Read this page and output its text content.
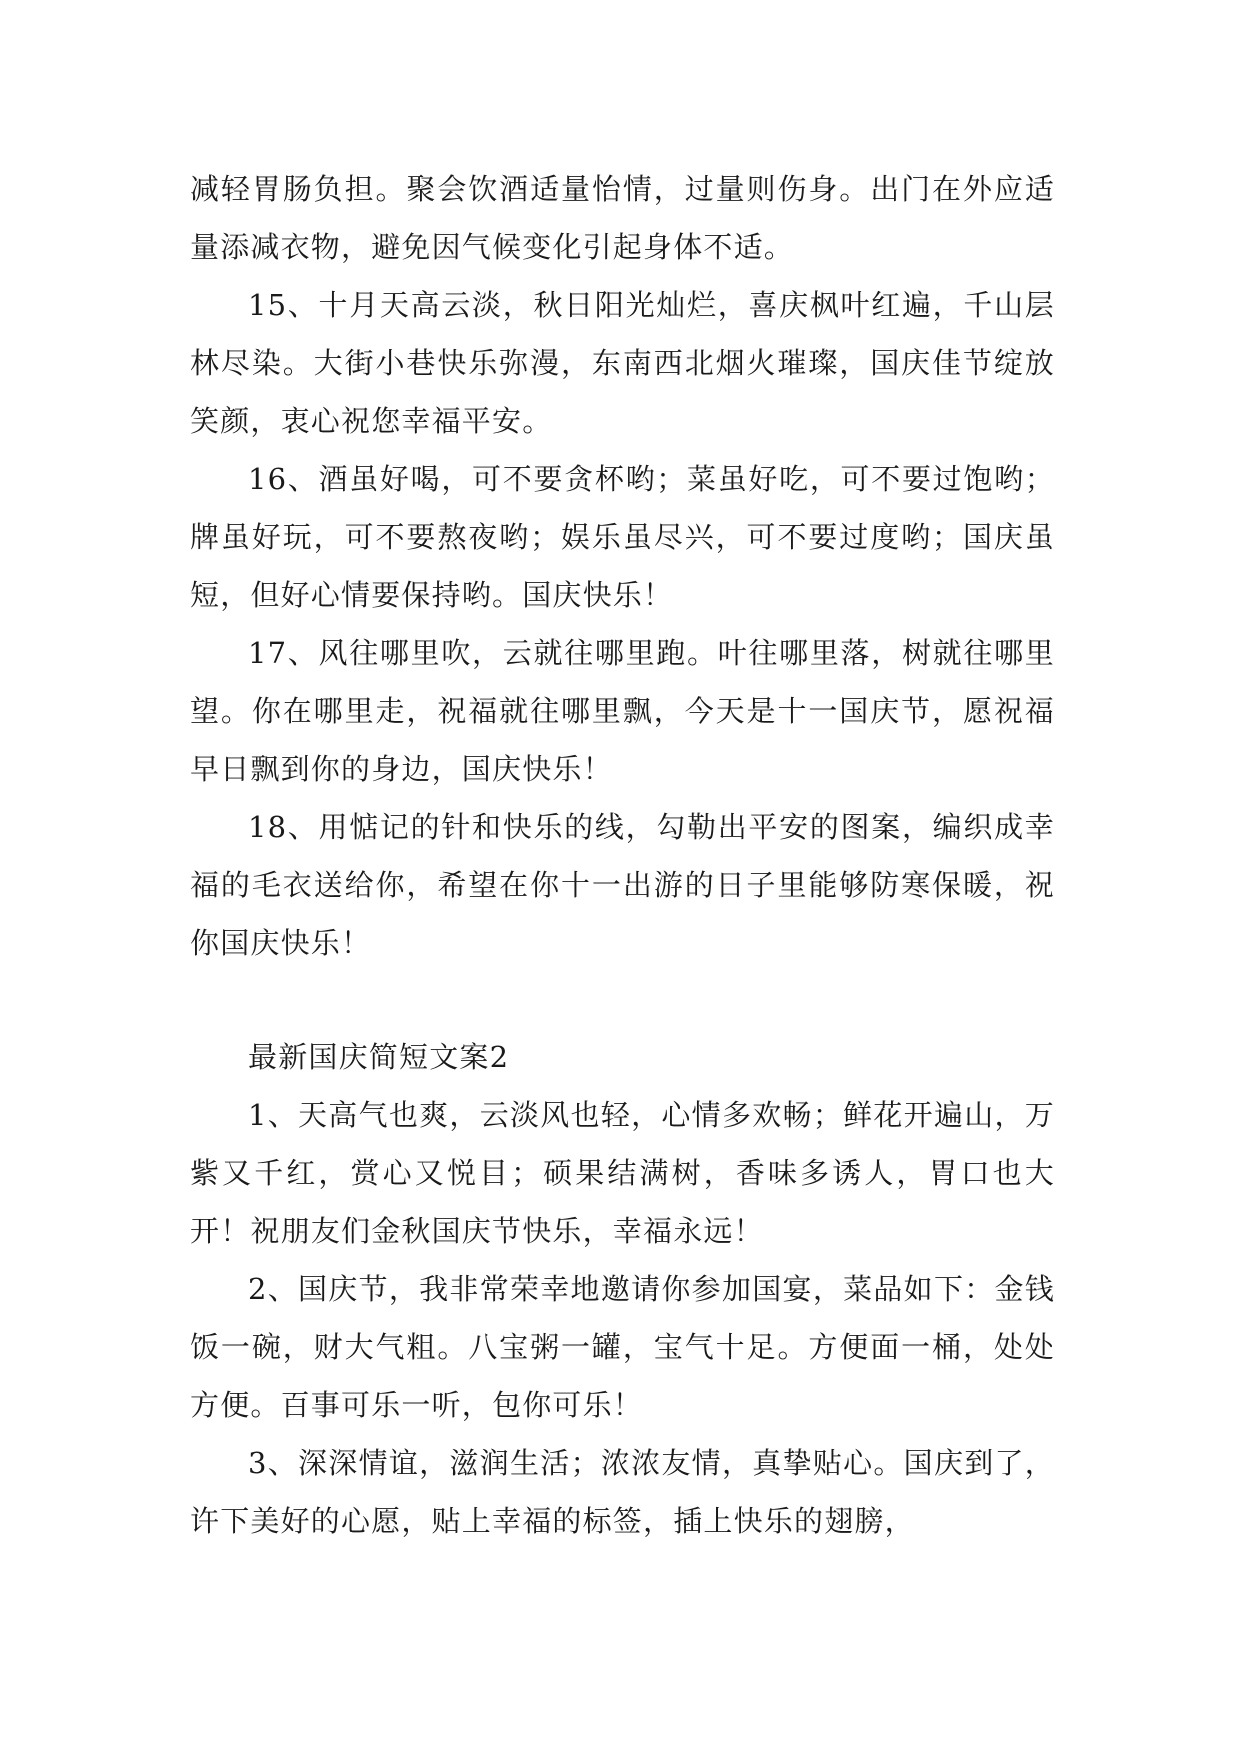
减轻胃肠负担。聚会饮酒适量怡情，过量则伤身。出门在外应适量添减衣物，避免因气候变化引起身体不适。

15、十月天高云淡，秋日阳光灿烂，喜庆枫叶红遍，千山层林尽染。大街小巷快乐弥漫，东南西北烟火璀璨，国庆佳节绽放笑颜，衷心祝您幸福平安。

16、酒虽好喝，可不要贪杯哟；菜虽好吃，可不要过饱哟；牌虽好玩，可不要熬夜哟；娱乐虽尽兴，可不要过度哟；国庆虽短，但好心情要保持哟。国庆快乐！

17、风往哪里吹，云就往哪里跑。叶往哪里落，树就往哪里望。你在哪里走，祝福就往哪里飘，今天是十一国庆节，愿祝福早日飘到你的身边，国庆快乐！

18、用惦记的针和快乐的线，勾勒出平安的图案，编织成幸福的毛衣送给你，希望在你十一出游的日子里能够防寒保暖，祝你国庆快乐！

最新国庆简短文案2

1、天高气也爽，云淡风也轻，心情多欢畅；鲜花开遍山，万紫又千红，赏心又悦目；硕果结满树，香味多诱人，胃口也大开！祝朋友们金秋国庆节快乐，幸福永远！

2、国庆节，我非常荣幸地邀请你参加国宴，菜品如下：金钱饭一碗，财大气粗。八宝粥一罐，宝气十足。方便面一桶，处处方便。百事可乐一听，包你可乐！

3、深深情谊，滋润生活；浓浓友情，真挚贴心。国庆到了，许下美好的心愿，贴上幸福的标签，插上快乐的翅膀，
